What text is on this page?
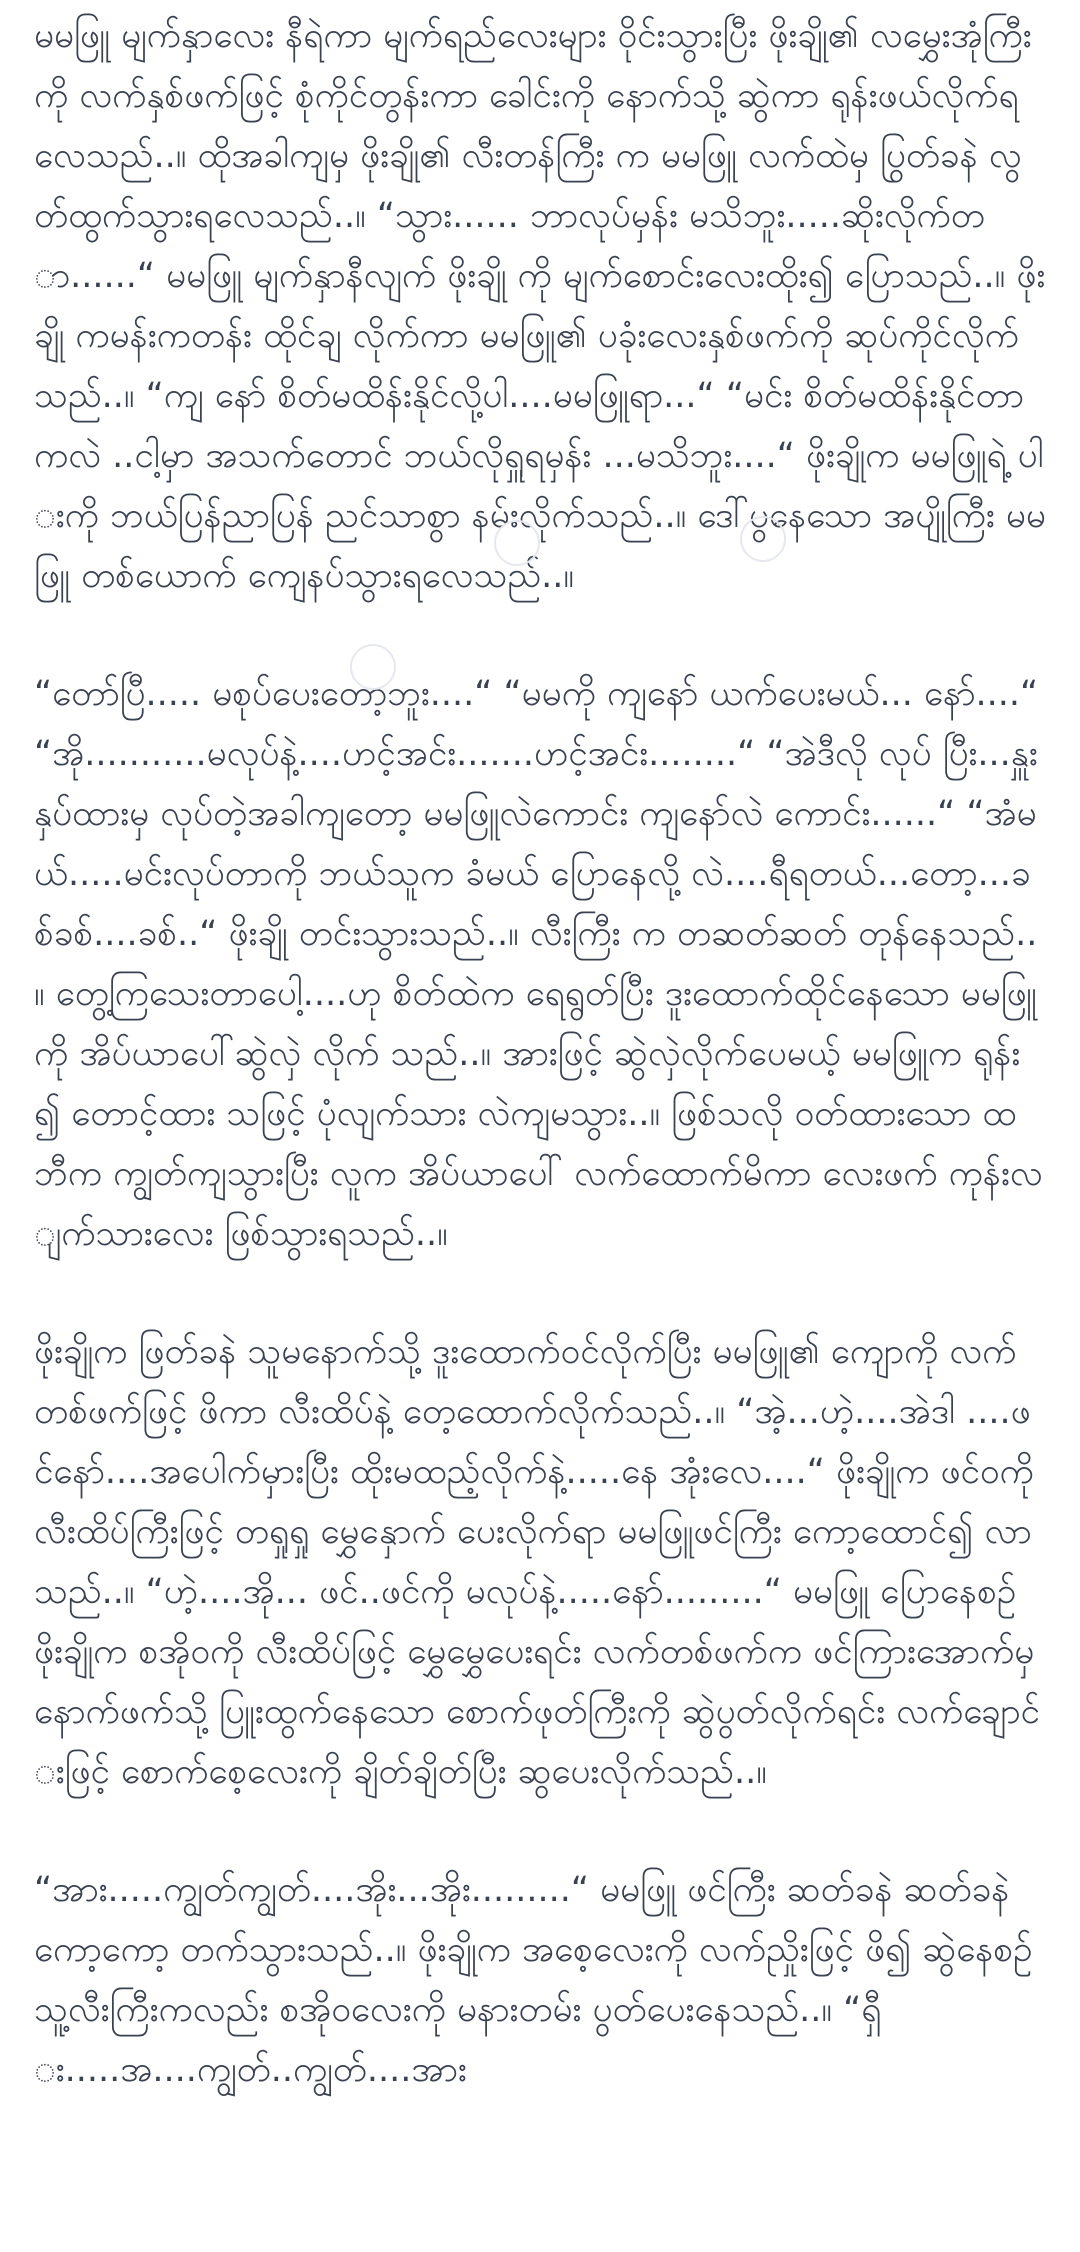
မမဖြူ မျက်နှာလေး နီရဲကာ မျက်ရည်လေးများ ဝိုင်းသွားပြီး ဖိုးချို၏ လမွှေးအုံကြီးကို လက်နှစ်ဖက်ဖြင့် စုံကိုင်တွန်းကာ ခေါင်းကို နောက်သို့ ဆွဲကာ ရုန်းဖယ်လိုက်ရလေသည်..။ ထိုအခါကျမှ ဖိုးချို၏ လီးတန်ကြီး က မမဖြူ လက်ထဲမှ ပြွတ်ခနဲ လွတ်ထွက်သွားရလေသည်..။ “သွား...... ဘာလုပ်မှန်း မသိဘူး.....ဆိုးလိုက်တာ......“ မမဖြူ မျက်နှာနီလျက် ဖိုးချို ကို မျက်စောင်းလေးထိုး၍ ပြောသည်..။ ဖိုးချို ကမန်းကတန်း ထိုင်ချ လိုက်ကာ မမဖြူ၏ ပခုံးလေးနှစ်ဖက်ကို ဆုပ်ကိုင်လိုက်သည်..။ “ကျ နော် စိတ်မထိန်းနိုင်လို့ပါ....မမဖြူရာ...“ “မင်း စိတ်မထိန်းနိုင်တာကလဲ ..ငါ့မှာ အသက်တောင် ဘယ်လိုရှူရမှန်း ...မသိဘူး....“ ဖိုးချိုက မမဖြူရဲ့ ပါးကို ဘယ်ပြန်ညာပြန် ညင်သာစွာ နမ်းလိုက်သည်..။ ဒေါ်ပွနေသော အပျိုကြီး မမဖြူ တစ်ယောက် ကျေနပ်သွားရလေသည်..။

“တော်ပြီ..... မစုပ်ပေးတော့ဘူး....“ “မမကို ကျနော် ယက်ပေးမယ်... နော်....“ “အို...........မလုပ်နဲ့....ဟင့်အင်း.......ဟင့်အင်း........“ “အဲဒီလို လုပ် ပြီး...နှူးနှပ်ထားမှ လုပ်တဲ့အခါကျတော့ မမဖြူလဲကောင်း ကျနော်လဲ ကောင်း......“ “အံမယ်.....မင်းလုပ်တာကို ဘယ်သူက ခံမယ် ပြောနေလို့ လဲ....ရီရတယ်...တော့...ခစ်ခစ်....ခစ်..“ ဖိုးချို တင်းသွားသည်..။ လီးကြီး က တဆတ်ဆတ် တုန်နေသည်..။ တွေ့ကြသေးတာပေါ့....ဟု စိတ်ထဲက ရေရွတ်ပြီး ဒူးထောက်ထိုင်နေသော မမဖြူကို အိပ်ယာပေါ်ဆွဲလှဲ လိုက် သည်..။ အားဖြင့် ဆွဲလှဲလိုက်ပေမယ့် မမဖြူက ရုန်း၍ တောင့်ထား သဖြင့် ပုံလျက်သား လဲကျမသွား..။ ဖြစ်သလို ဝတ်ထားသော ထဘီက ကျွတ်ကျသွားပြီး လူက အိပ်ယာပေါ် လက်ထောက်မိကာ လေးဖက် ကုန်းလျက်သားလေး ဖြစ်သွားရသည်..။

ဖိုးချိုက ဖြတ်ခနဲ သူမနောက်သို့ ဒူးထောက်ဝင်လိုက်ပြီး မမဖြူ၏ ကျောကို လက်တစ်ဖက်ဖြင့် ဖိကာ လီးထိပ်နဲ့ တေ့ထောက်လိုက်သည်..။ “အဲ့...ဟဲ့....အဲဒါ ....ဖင်နော်....အပေါက်မှားပြီး ထိုးမထည့်လိုက်နဲ့.....နေ အုံးလေ....“ ဖိုးချိုက ဖင်ဝကို လီးထိပ်ကြီးဖြင့် တရှုရှု မွှေနှောက် ပေးလိုက်ရာ မမဖြူဖင်ကြီး ကော့ထောင်၍ လာသည်..။ “ဟဲ့....အို... ဖင်..ဖင်ကို မလုပ်နဲ့.....နော်.........“ မမဖြူ ပြောနေစဉ် ဖိုးချိုက စအိုဝကို လီးထိပ်ဖြင့် မွှေမွှေပေးရင်း လက်တစ်ဖက်က ဖင်ကြားအောက်မှ နောက်ဖက်သို့ ပြူးထွက်နေသော စောက်ဖုတ်ကြီးကို ဆွဲပွတ်လိုက်ရင်း လက်ချောင်းဖြင့် စောက်စေ့လေးကို ချိတ်ချိတ်ပြီး ဆွပေးလိုက်သည်..။

“အား.....ကျွတ်ကျွတ်....အိုး...အိုး.........“ မမဖြူ ဖင်ကြီး ဆတ်ခနဲ ဆတ်ခနဲ ကော့ကော့ တက်သွားသည်..။ ဖိုးချိုက အစေ့လေးကို လက်ညှိုးဖြင့် ဖိ၍ ဆွဲနေစဉ် သူ့လီးကြီးကလည်း စအိုဝလေးကို မနားတမ်း ပွတ်ပေးနေသည်..။ “ရှီး.....အ....ကျွတ်..ကျွတ်....အား
